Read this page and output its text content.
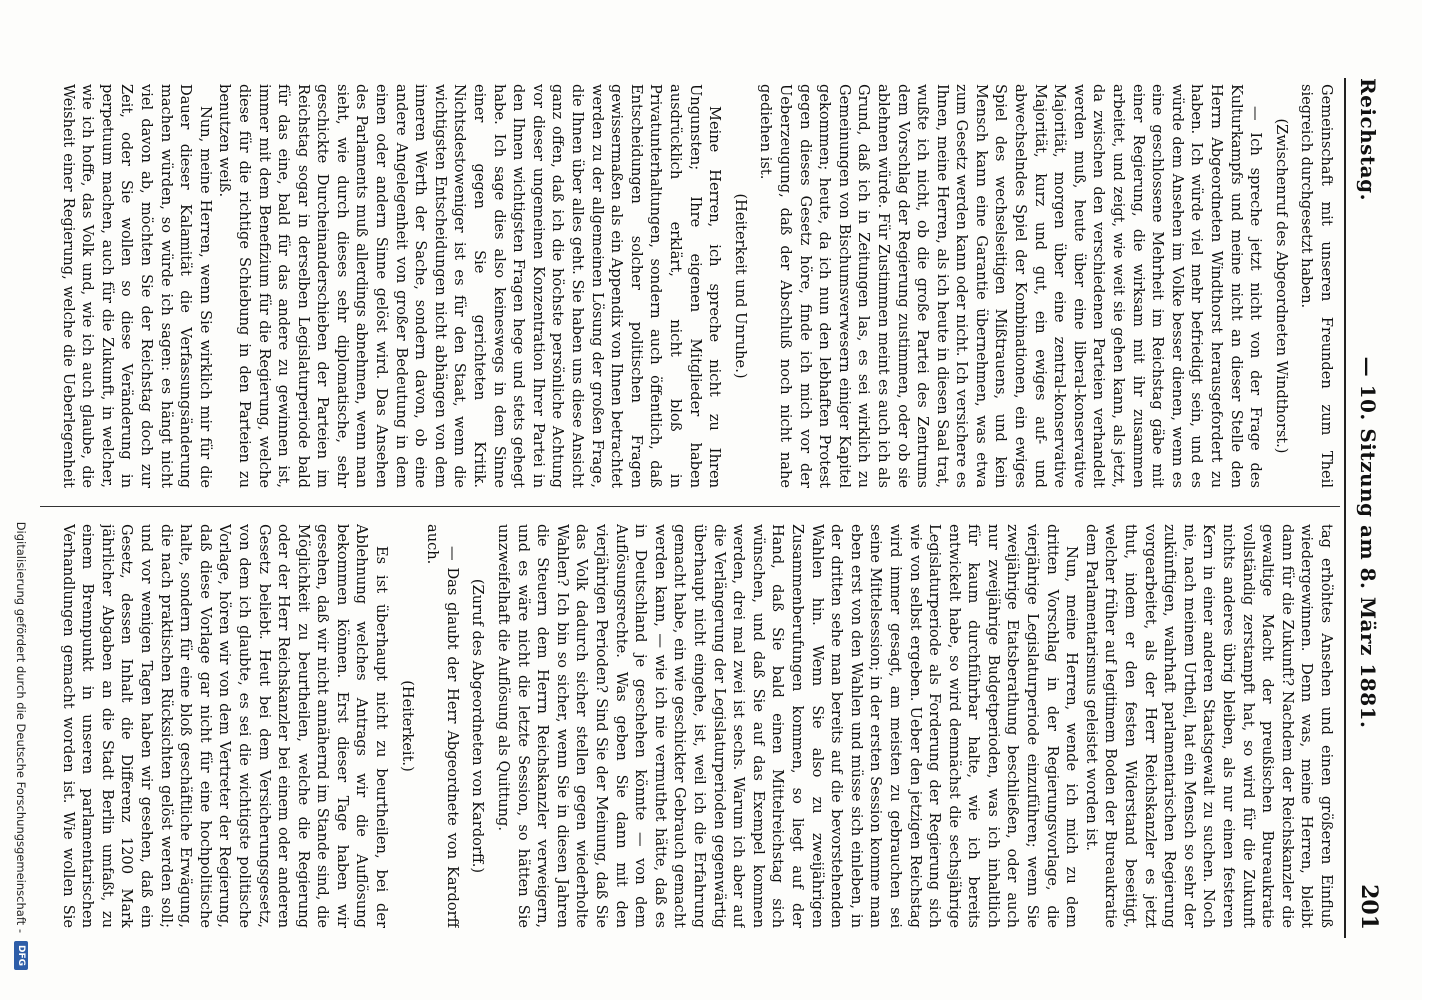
Reichstag.
— 10. Sitzung am 8. März 1881.
201

Gemeinschaft mit unseren Freunden zum Theil siegreich durchgesetzt haben.

(Zwischenruf des Abgeordneten Windthorst.)

— Ich spreche jetzt nicht von der Frage des Kulturkampfs und meine nicht an dieser Stelle den Herrn Abgeordneten Windthorst herausgefordert zu haben. Ich würde viel mehr befriedigt sein, und es würde dem Ansehen im Volke besser dienen, wenn es eine geschlossene Mehrheit im Reichstag gäbe mit einer Regierung, die wirksam mit ihr zusammen arbeitet, und zeigt, wie weit sie gehen kann, als jetzt, da zwischen den verschiedenen Parteien verhandelt werden muß, heute über eine liberal-konservative Majorität, morgen über eine zentral-konservative Majorität, kurz und gut, ein ewiges auf- und abwechselndes Spiel der Kombinationen, ein ewiges Spiel des wechselseitigen Mißtrauens, und kein Mensch kann eine Garantie übernehmen, was etwa zum Gesetz werden kann oder nicht. Ich versichere es Ihnen, meine Herren, als ich heute in diesen Saal trat, wußte ich nicht, ob die große Partei des Zentrums dem Vorschlag der Regierung zustimmen, oder ob sie ablehnen würde. Für Zustimmen meint es auch ich als Grund, daß ich in Zeitungen las, es sei wirklich zu Gemeinungen von Bischumsverwesern einiger Kapitel gekommen; heute, da ich nun den lebhaften Protest gegen dieses Gesetz höre, finde ich mich vor der Ueberzeugung, daß der Abschluß noch nicht nahe gediehen ist.

(Heiterkeit und Unruhe.)

Meine Herren, ich spreche nicht zu Ihren Ungunsten; Ihre eigenen Mitglieder haben ausdrücklich erklärt, nicht bloß in Privatunterhaltungen, sondern auch öffentlich, daß Entscheidungen solcher politischen Fragen gewissermaßen als ein Appendix von Ihnen betrachtet werden zu der allgemeinen Lösung der großen Frage, die Ihnen über alles geht. Sie haben uns diese Ansicht ganz offen, daß ich die höchste persönliche Achtung vor dieser ungemeinen Konzentration Ihrer Partei in den Ihnen wichtigsten Fragen hege und stets gehegt habe. Ich sage dies also keineswegs in dem Sinne einer gegen Sie gerichteten Kritik. Nichtsdestoweniger ist es für den Staat, wenn die wichtigsten Entscheidungen nicht abhängen von dem inneren Werth der Sache, sondern davon, ob eine andere Angelegenheit von großer Bedeutung in dem einen oder andern Sinne gelöst wird. Das Ansehen des Parlaments muß allerdings abnehmen, wenn man sieht, wie durch dieses sehr diplomatische, sehr geschickte Durcheinanderschieben der Parteien im Reichstag sogar in derselben Legislaturperiode bald für das eine, bald für das andere zu gewinnen ist, immer mit dem Benefizium für die Regierung, welche diese für die richtige Schiebung in den Parteien zu benutzen weiß.

Nun, meine Herren, wenn Sie wirklich mir für die Dauer dieser Kalamität die Verfassungsänderung machen würden, so würde ich sagen: es hängt nicht viel davon ab, möchten Sie der Reichstag doch zur Zeit, oder Sie wollen so diese Veränderung in perpetuum machen, auch für die Zukunft, in welcher, wie ich hoffe, das Volk und, wie ich auch glaube, die Weisheit einer Regierung, welche die Ueberlegenheit

tag erhöhtes Ansehen und einen größeren Einfluß wiedergewinnen. Denn was, meine Herren, bleibt dann für die Zukunft? Nachdem der Reichskanzler die gewaltige Macht der preußischen Bureaukratie vollständig zerstampft hat, so wird für die Zukunft nichts anderes übrig bleiben, als nur einen festeren Kern in einer anderen Staatsgewalt zu suchen. Noch nie, nach meinem Urtheil, hat ein Mensch so sehr der zukünftigen, wahrhaft parlamentarischen Regierung vorgearbeitet, als der Herr Reichskanzler es jetzt thut, indem er den festen Widerstand beseitigt, welcher früher auf legitimem Boden der Bureaukratie dem Parlamentarismus geleistet worden ist.

Nun, meine Herren, wende ich mich zu dem dritten Vorschlag in der Regierungsvorlage, die vierjährige Legislaturperiode einzuführen; wenn Sie zweijährige Etatsberathung beschließen, oder auch nur zweijährige Budgetperioden, was ich inhaltlich für kaum durchführbar halte, wie ich bereits entwickelt habe, so wird demnächst die sechsjährige Legislaturperiode als Forderung der Regierung sich wie von selbst ergeben. Ueber den jetzigen Reichstag wird immer gesagt, am meisten zu gebrauchen sei seine Mittelsession; in der ersten Session komme man eben erst von den Wahlen und müsse sich einleben, in der dritten sehe man bereits auf die bevorstehenden Wahlen hin. Wenn Sie also zu zweijährigen Zusammenberufungen kommen, so liegt auf der Hand, daß Sie bald einen Mittelreichstag sich wünschen, und daß Sie auf das Exempel kommen werden, drei mal zwei ist sechs. Warum ich aber auf die Verlängerung der Legislaturperioden gegenwärtig überhaupt nicht eingehe, ist, weil ich die Erfahrung gemacht habe, ein wie geschickter Gebrauch gemacht werden kann, — wie ich nie vermuthet hätte, daß es in Deutschland je geschehen könnte — von dem Auflösungsrechte. Was geben Sie dann mit den vierjährigen Perioden? Sind Sie der Meinung, daß Sie das Volk dadurch sicher stellen gegen wiederholte Wahlen? Ich bin so sicher, wenn Sie in diesen Jahren die Steuern dem Herrn Reichskanzler verweigern, und es wäre nicht die letzte Session, so hätten Sie unzweifelhaft die Auflösung als Quittung.

(Zuruf des Abgeordneten von Kardorff.)

— Das glaubt der Herr Abgeordnete von Kardorff auch.

(Heiterkeit.)

Es ist überhaupt nicht zu beurtheilen, bei der Ablehnung welches Antrags wir die Auflösung bekommen können. Erst dieser Tage haben wir gesehen, daß wir nicht annähernd im Stande sind, die Möglichkeit zu beurtheilen, welche die Regierung oder der Herr Reichskanzler bei einem oder anderen Gesetz beliebt. Heut bei dem Versicherungsgesetz, von dem ich glaubte, es sei die wichtigste politische Vorlage, hören wir von dem Vertreter der Regierung, daß diese Vorlage gar nicht für eine hochpolitische halte, sondern für eine bloß geschäftliche Erwägung, die nach praktischen Rücksichten gelöst werden soll; und vor wenigen Tagen haben wir gesehen, daß ein Gesetz, dessen Inhalt die Differenz 1200 Mark jährlicher Abgaben an die Stadt Berlin umfaßt, zu einem Brennpunkt in unseren parlamentarischen Verhandlungen gemacht worden ist. Wie wollen Sie

Digitalisierung gefördert durch die Deutsche Forschungsgemeinschaft -
DFG
